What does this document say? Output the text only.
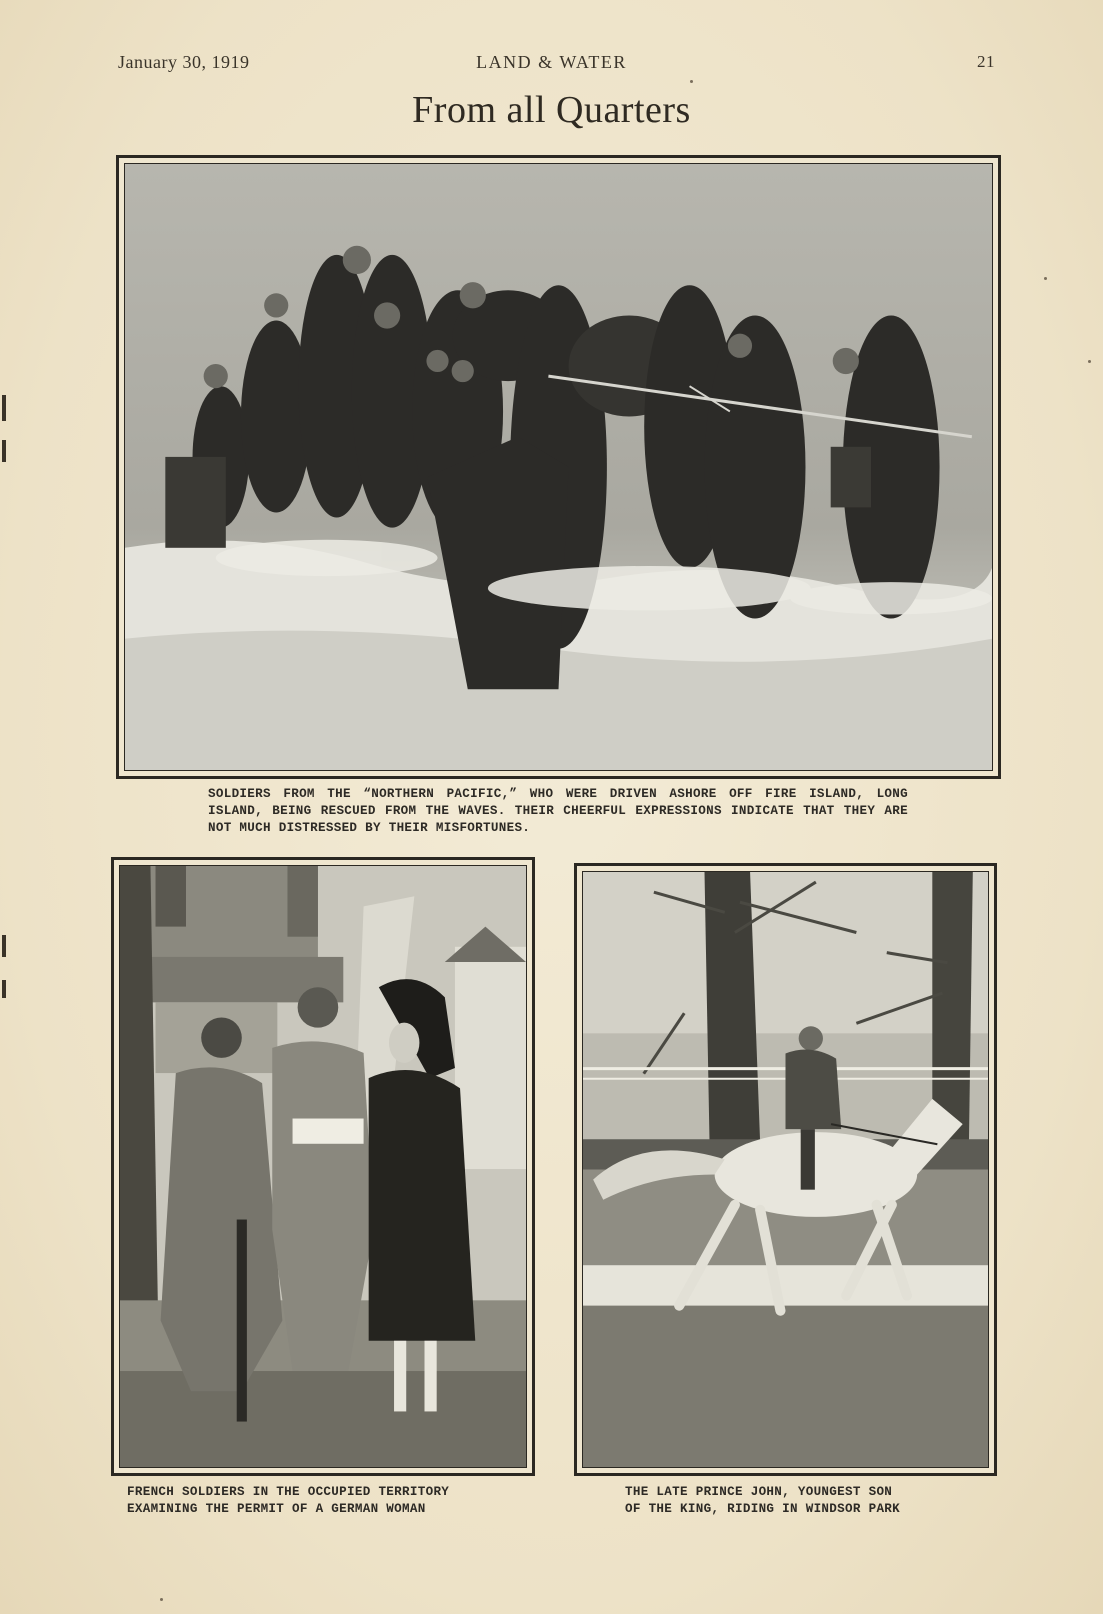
January 30, 1919	LAND & WATER	21
From all Quarters
SOLDIERS FROM THE “NORTHERN PACIFIC,” WHO WERE DRIVEN ASHORE OFF FIRE ISLAND, LONG ISLAND, BEING RESCUED FROM THE WAVES. THEIR CHEERFUL EXPRESSIONS INDICATE THAT THEY ARE NOT MUCH DISTRESSED BY THEIR MISFORTUNES.
FRENCH SOLDIERS IN THE OCCUPIED TERRITORY
EXAMINING THE PERMIT OF A GERMAN WOMAN
THE LATE PRINCE JOHN, YOUNGEST SON
OF THE KING, RIDING IN WINDSOR PARK
